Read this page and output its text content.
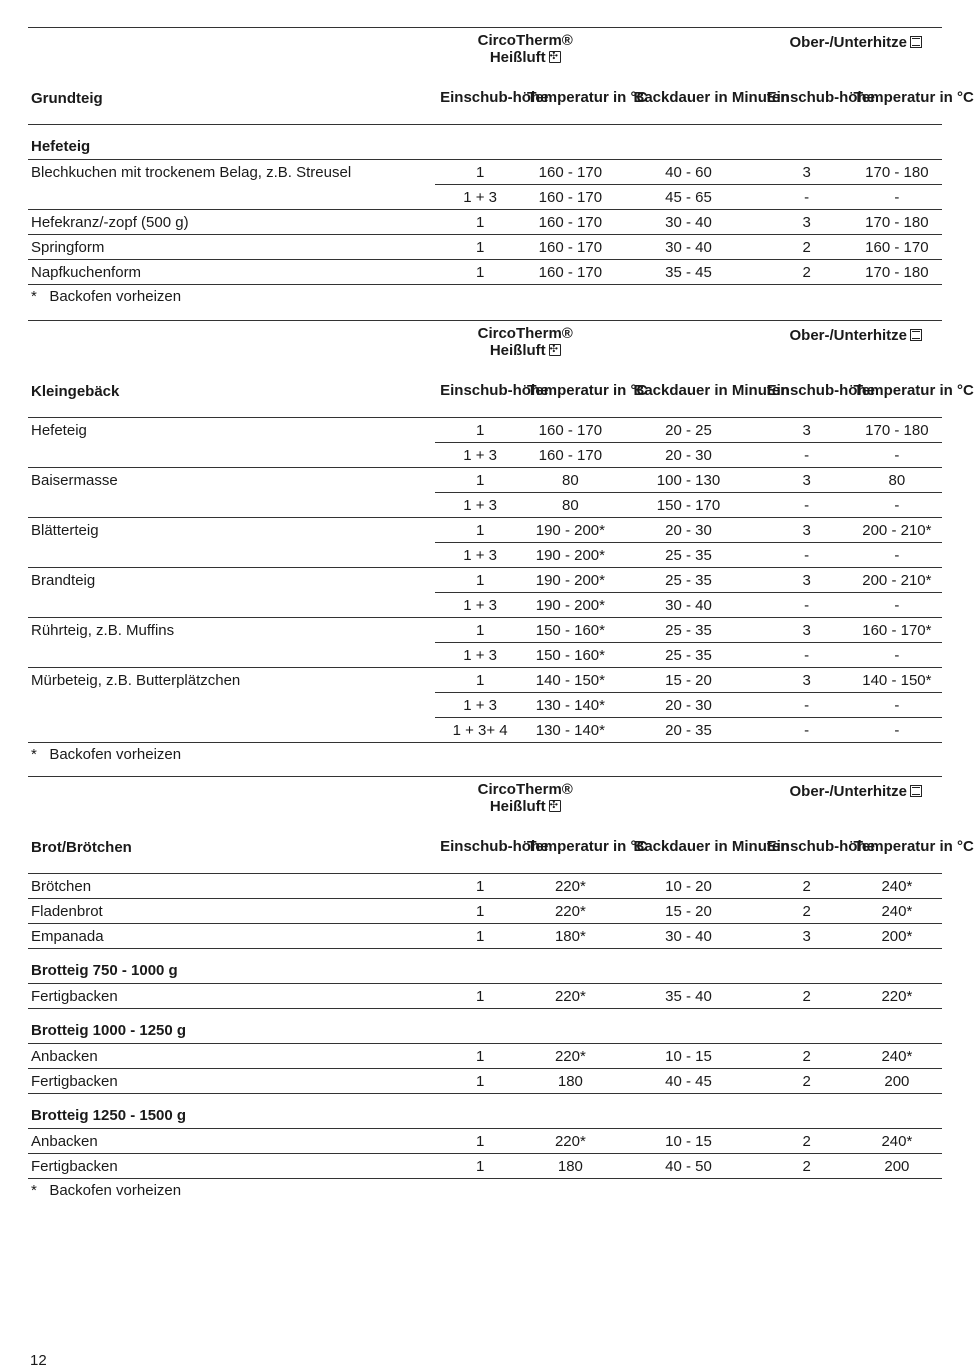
	CircoTherm®
Heißluft✣			Ober-/Unterhitze	
Grundteig	Einschub-höhe	Temperatur in °C	Backdauer in Minuten	Einschub-höhe	Temperatur in °C

Hefeteig					
Blechkuchen mit trockenem Belag, z.B. Streusel	1	160 - 170	40 - 60	3	170 - 180
	1 + 3	160 - 170	45 - 65	-	-
Hefekranz/-zopf (500 g)	1	160 - 170	30 - 40	3	170 - 180
Springform	1	160 - 170	30 - 40	2	160 - 170
Napfkuchenform	1	160 - 170	35 - 45	2	170 - 180
*   Backofen vorheizen					

	CircoTherm®
Heißluft✣			Ober-/Unterhitze	
Kleingebäck	Einschub-höhe	Temperatur in °C	Backdauer in Minuten	Einschub-höhe	Temperatur in °C

Hefeteig	1	160 - 170	20 - 25	3	170 - 180
	1 + 3	160 - 170	20 - 30	-	-
Baisermasse	1	80	100 - 130	3	80
	1 + 3	80	150 - 170	-	-
Blätterteig	1	190 - 200*	20 - 30	3	200 - 210*
	1 + 3	190 - 200*	25 - 35	-	-
Brandteig	1	190 - 200*	25 - 35	3	200 - 210*
	1 + 3	190 - 200*	30 - 40	-	-
Rührteig, z.B. Muffins	1	150 - 160*	25 - 35	3	160 - 170*
	1 + 3	150 - 160*	25 - 35	-	-
Mürbeteig, z.B. Butterplätzchen	1	140 - 150*	15 - 20	3	140 - 150*
	1 + 3	130 - 140*	20 - 30	-	-
	1 + 3+ 4	130 - 140*	20 - 35	-	-
*   Backofen vorheizen					

	CircoTherm®
Heißluft✣			Ober-/Unterhitze	
Brot/Brötchen	Einschub-höhe	Temperatur in °C	Backdauer in Minuten	Einschub-höhe	Temperatur in °C

Brötchen	1	220*	10 - 20	2	240*
Fladenbrot	1	220*	15 - 20	2	240*
Empanada	1	180*	30 - 40	3	200*
Brotteig 750 - 1000 g					
Fertigbacken	1	220*	35 - 40	2	220*
Brotteig 1000 - 1250 g					
Anbacken	1	220*	10 - 15	2	240*
Fertigbacken	1	180	40 - 45	2	200
Brotteig 1250 - 1500 g					
Anbacken	1	220*	10 - 15	2	240*
Fertigbacken	1	180	40 - 50	2	200
*   Backofen vorheizen					
12
